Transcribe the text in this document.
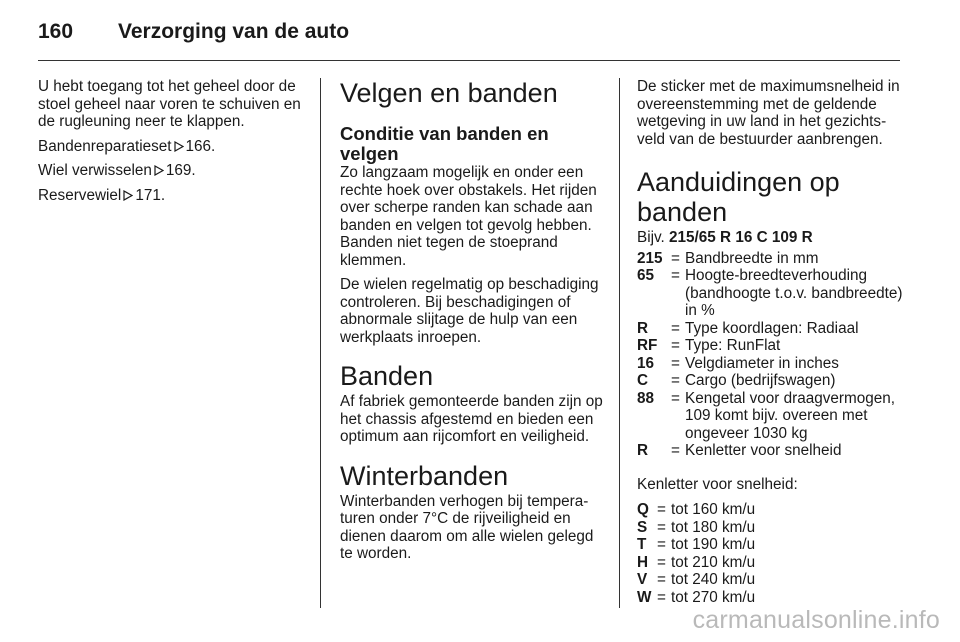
160 Verzorging van de auto

U hebt toegang tot het geheel door de stoel geheel naar voren te schuiven en de rugleuning neer te klappen.

Bandenreparatieset 166.

Wiel verwisselen 169.

Reservewiel 171.

Velgen en banden
Conditie van banden en velgen

Zo langzaam mogelijk en onder een rechte hoek over obstakels. Het rijden over scherpe randen kan schade aan banden en velgen tot gevolg hebben. Banden niet tegen de stoeprand klemmen.

De wielen regelmatig op beschadiging controleren. Bij beschadigingen of abnormale slijtage de hulp van een werkplaats inroepen.

Banden

Af fabriek gemonteerde banden zijn op het chassis afgestemd en bieden een optimum aan rijcomfort en veiligheid.

Winterbanden

Winterbanden verhogen bij temperaturen onder 7°C de rijveiligheid en dienen daarom om alle wielen gelegd te worden.

De sticker met de maximumsnelheid in overeenstemming met de geldende wetgeving in uw land in het gezichtsveld van de bestuurder aanbrengen.

Aanduidingen op banden

Bijv. 215/65 R 16 C 109 R

215 = Bandbreedte in mm
65	= Hoogte-breedteverhouding (bandhoogte t.o.v. bandbreedte) in %
R	= Type koordlagen: Radiaal
RF = Type: RunFlat
16	= Velgdiameter in inches
C	= Cargo (bedrijfswagen)
88	= Kengetal voor draagvermogen, 109 komt bijv. overeen met ongeveer 1030 kg
R	= Kenletter voor snelheid

Kenletter voor snelheid:

Q = tot 160 km/u
S = tot 180 km/u
T = tot 190 km/u
H = tot 210 km/u
V = tot 240 km/u
W = tot 270 km/u
carmanualsonline.info
